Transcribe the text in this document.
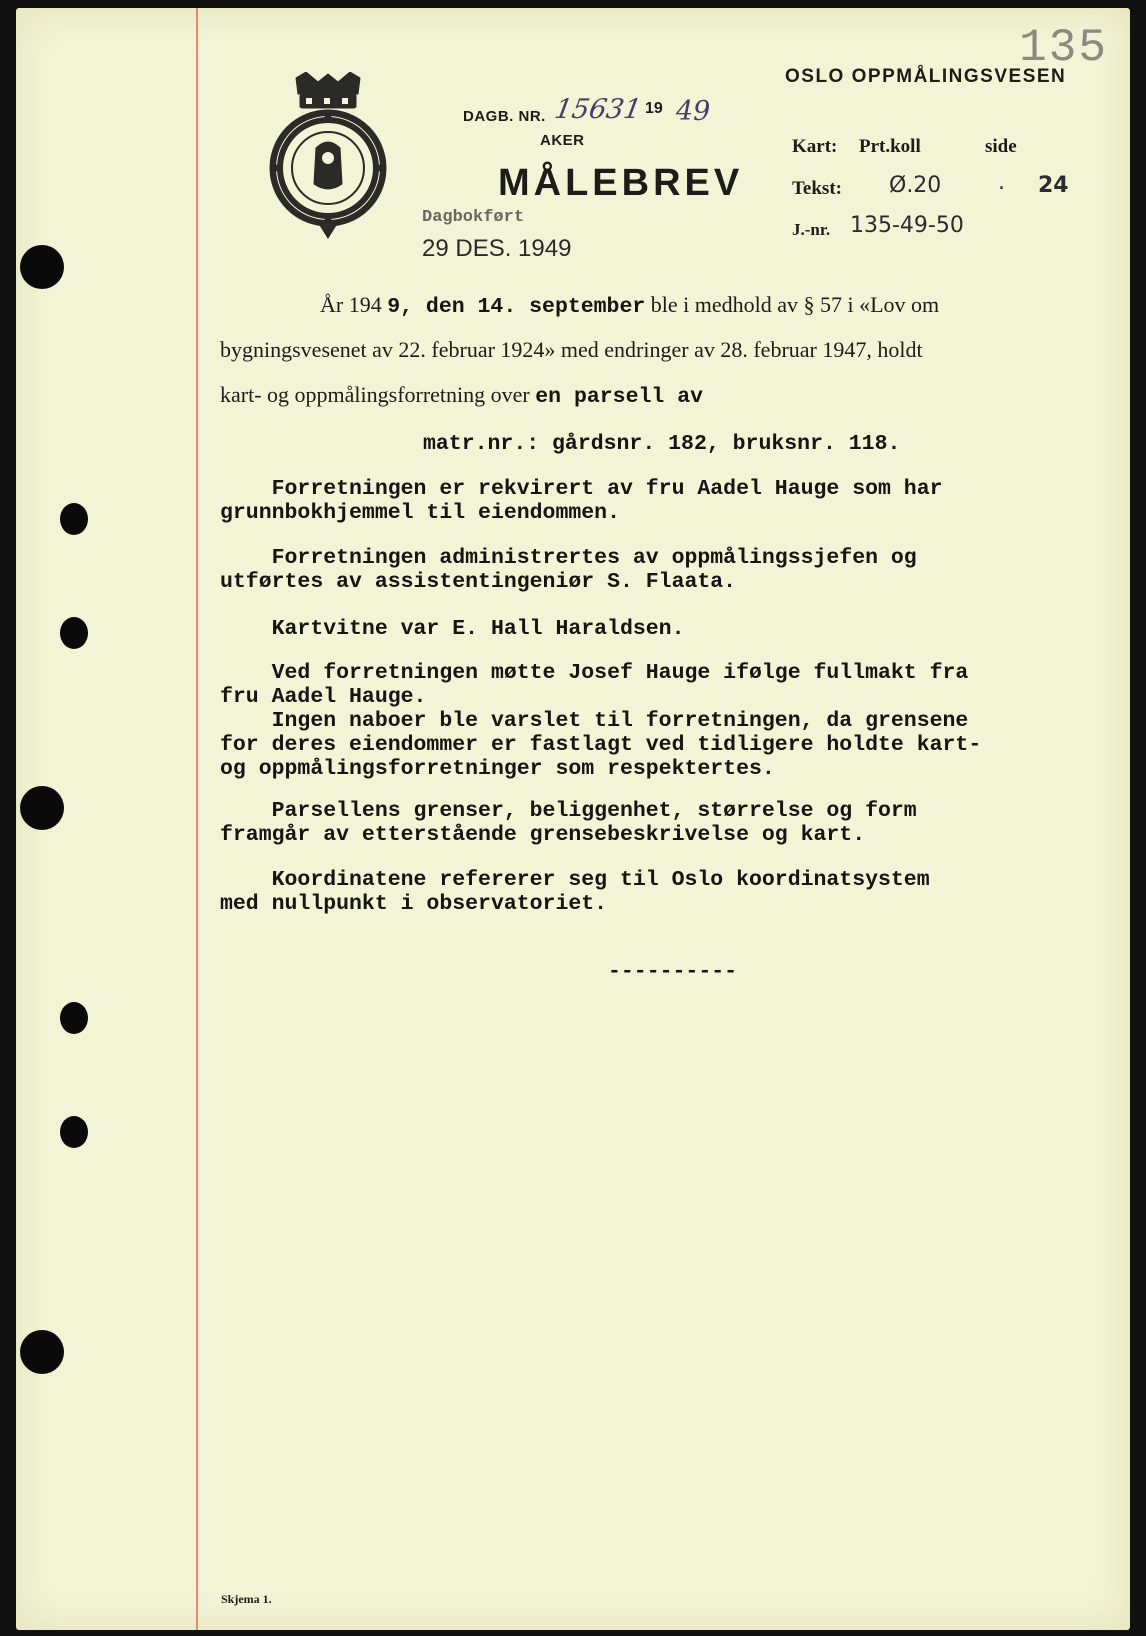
135
OSLO OPPMÅLINGSVESEN
DAGB. NR. 15631 19 49
AKER
MÅLEBREV
Dagbokført
29 DES. 1949
Kart: Prt.koll	side
Tekst: Ø.20	. 24
J.-nr. 135-49-50
År 194 9, den 14. september ble i medhold av § 57 i «Lov om
bygningsvesenet av 22. februar 1924» med endringer av 28. februar 1947, holdt
kart- og oppmålingsforretning over en parsell av
matr.nr.: gårdsnr. 182, bruksnr. 118.
Forretningen er rekvirert av fru Aadel Hauge som har
grunnbokhjemmel til eiendommen.
Forretningen administrertes av oppmålingssjefen og
utførtes av assistentingeniør S. Flaata.
Kartvitne var E. Hall Haraldsen.
Ved forretningen møtte Josef Hauge ifølge fullmakt fra
fru Aadel Hauge.
Ingen naboer ble varslet til forretningen, da grensene
for deres eiendommer er fastlagt ved tidligere holdte kart-
og oppmålingsforretninger som respektertes.
Parsellens grenser, beliggenhet, størrelse og form
framgår av etterstående grensebeskrivelse og kart.
Koordinatene refererer seg til Oslo koordinatsystem
med nullpunkt i observatoriet.
----------
Skjema 1.
